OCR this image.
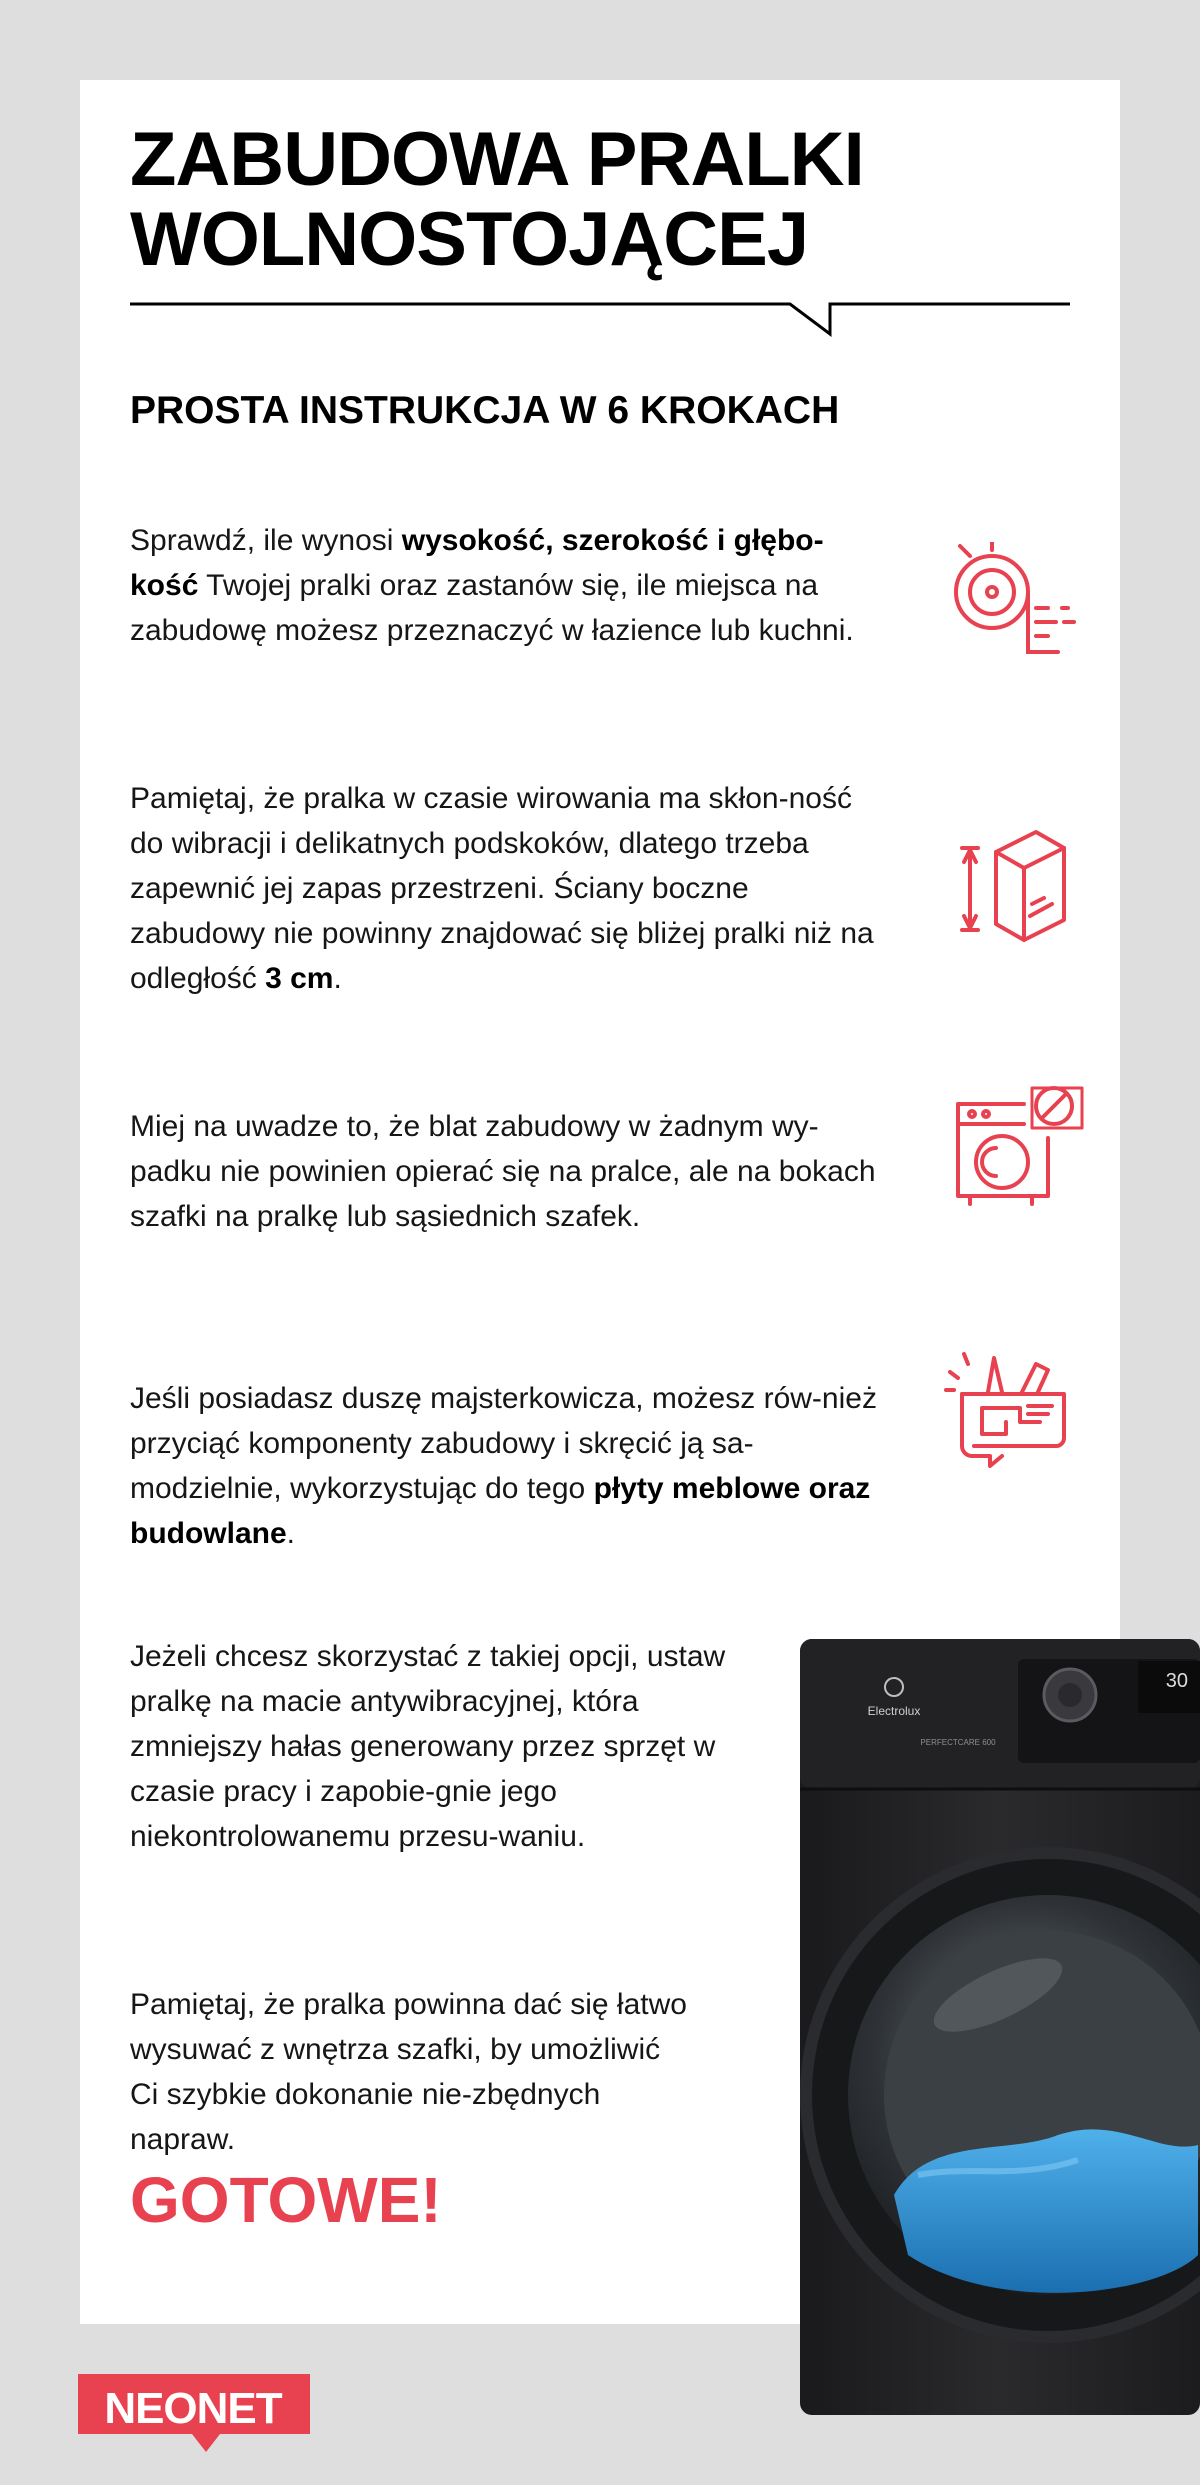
ZABUDOWA PRALKI
WOLNOSTOJĄCEJ
PROSTA INSTRUKCJA W 6 KROKACH

Sprawdź, ile wynosi wysokość, szerokość i głębo-kość Twojej pralki oraz zastanów się, ile miejsca na zabudowę możesz przeznaczyć w łazience lub kuchni.

Pamiętaj, że pralka w czasie wirowania ma skłon-ność do wibracji i delikatnych podskoków, dlatego trzeba zapewnić jej zapas przestrzeni. Ściany boczne zabudowy nie powinny znajdować się bliżej pralki niż na odległość 3 cm.

Miej na uwadze to, że blat zabudowy w żadnym wy-padku nie powinien opierać się na pralce, ale na bokach szafki na pralkę lub sąsiednich szafek.

Jeśli posiadasz duszę majsterkowicza, możesz rów-nież przyciąć komponenty zabudowy i skręcić ją sa-modzielnie, wykorzystując do tego płyty meblowe oraz budowlane.

Jeżeli chcesz skorzystać z takiej opcji, ustaw pralkę na macie antywibracyjnej, która zmniejszy hałas generowany przez sprzęt w czasie pracy i zapobie-gnie jego niekontrolowanemu przesu-waniu.

Pamiętaj, że pralka powinna dać się łatwo wysuwać z wnętrza szafki, by umożliwić Ci szybkie dokonanie nie-zbędnych napraw.

GOTOWE!
30
Electrolux
PERFECTCARE 600
NEONET
